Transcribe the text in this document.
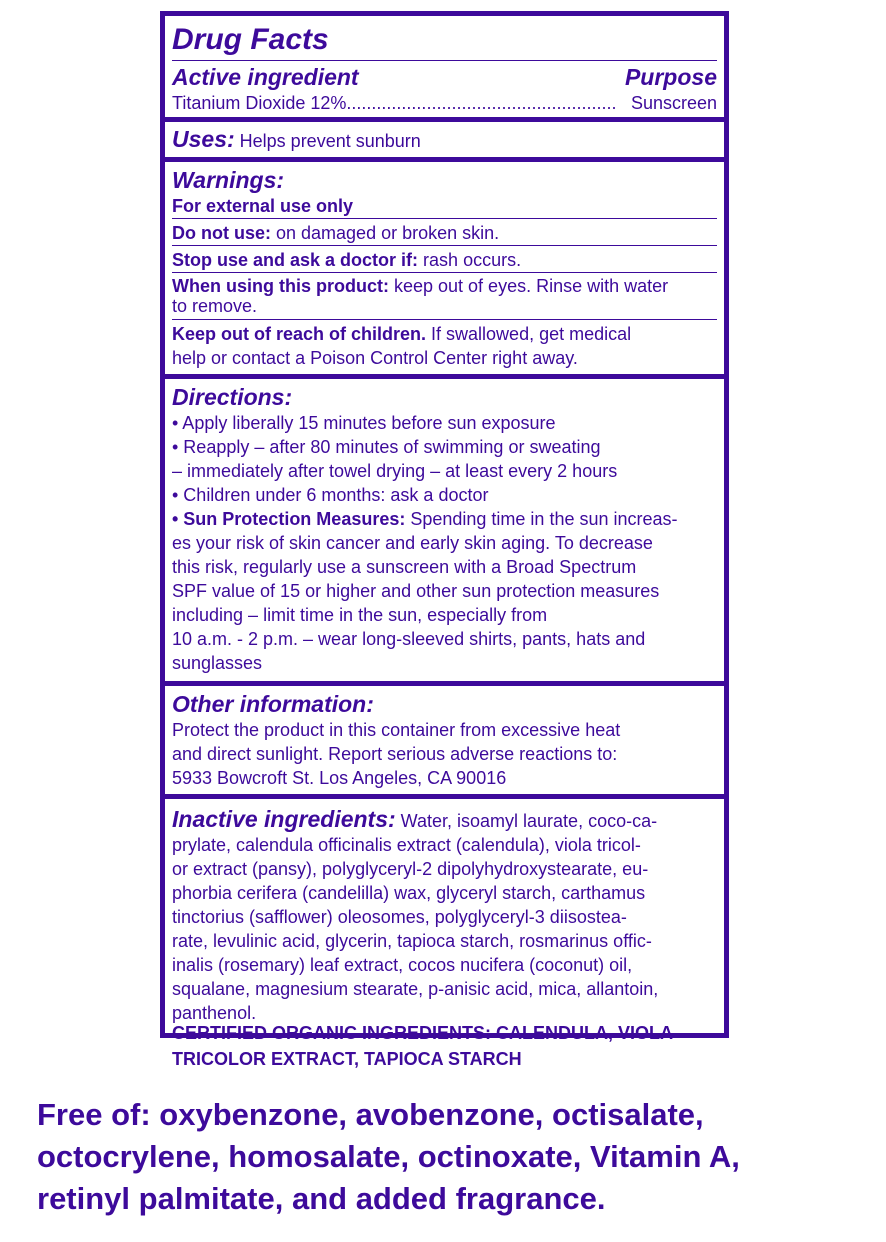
Drug Facts
Active ingredient	Purpose
Titanium Dioxide 12%...................................................... Sunscreen
Uses: Helps prevent sunburn
Warnings:
For external use only
Do not use: on damaged or broken skin.
Stop use and ask a doctor if: rash occurs.
When using this product: keep out of eyes. Rinse with water
to remove.
Keep out of reach of children. If swallowed, get medical
help or contact a Poison Control Center right away.
Directions:
• Apply liberally 15 minutes before sun exposure
• Reapply – after 80 minutes of swimming or sweating
– immediately after towel drying – at least every 2 hours
• Children under 6 months: ask a doctor
• Sun Protection Measures: Spending time in the sun increas-
es your risk of skin cancer and early skin aging. To decrease
this risk, regularly use a sunscreen with a Broad Spectrum
SPF value of 15 or higher and other sun protection measures
including – limit time in the sun, especially from
10 a.m. - 2 p.m. – wear long-sleeved shirts, pants, hats and
sunglasses
Other information:
Protect the product in this container from excessive heat
and direct sunlight. Report serious adverse reactions to:
5933 Bowcroft St. Los Angeles, CA 90016
Inactive ingredients: Water, isoamyl laurate, coco-ca-
prylate, calendula officinalis extract (calendula), viola tricol-
or extract (pansy), polyglyceryl-2 dipolyhydroxystearate, eu-
phorbia cerifera (candelilla) wax, glyceryl starch, carthamus
tinctorius (safflower) oleosomes, polyglyceryl-3 diisostea-
rate, levulinic acid, glycerin, tapioca starch, rosmarinus offic-
inalis (rosemary) leaf extract, cocos nucifera (coconut) oil,
squalane, magnesium stearate, p-anisic acid, mica, allantoin,
panthenol.
CERTIFIED ORGANIC INGREDIENTS: CALENDULA, VIOLA
TRICOLOR EXTRACT, TAPIOCA STARCH
Free of: oxybenzone, avobenzone, octisalate,
octocrylene, homosalate, octinoxate, Vitamin A,
retinyl palmitate, and added fragrance.
